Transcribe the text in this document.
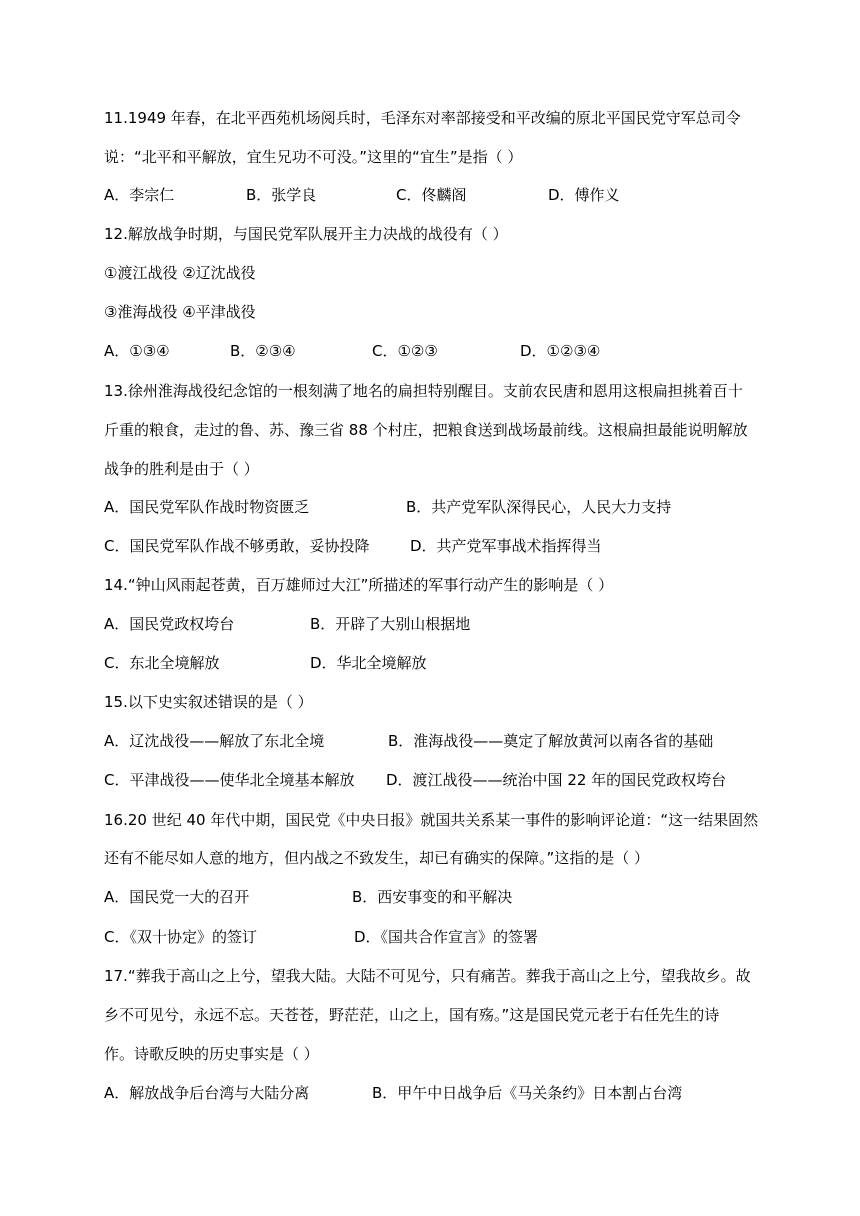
11.1949 年春，在北平西苑机场阅兵时，毛泽东对率部接受和平改编的原北平国民党守军总司令
说：“北平和平解放，宜生兄功不可没。”这里的“宜生”是指（ ）
A．李宗仁	B．张学良	C．佟麟阁	D．傅作义
12.解放战争时期，与国民党军队展开主力决战的战役有（ ）
①渡江战役 ②辽沈战役
③淮海战役 ④平津战役
A．①③④	B．②③④	C．①②③	D．①②③④
13.徐州淮海战役纪念馆的一根刻满了地名的扁担特别醒目。支前农民唐和恩用这根扁担挑着百十
斤重的粮食，走过的鲁、苏、豫三省 88 个村庄，把粮食送到战场最前线。这根扁担最能说明解放
战争的胜利是由于（ ）
A．国民党军队作战时物资匮乏	B．共产党军队深得民心，人民大力支持
C．国民党军队作战不够勇敢，妥协投降	D．共产党军事战术指挥得当
14.“钟山风雨起苍黄，百万雄师过大江”所描述的军事行动产生的影响是（ ）
A．国民党政权垮台	B．开辟了大别山根据地
C．东北全境解放	D．华北全境解放
15.以下史实叙述错误的是（ ）
A．辽沈战役——解放了东北全境	B．淮海战役——奠定了解放黄河以南各省的基础
C．平津战役——使华北全境基本解放 D．渡江战役——统治中国 22 年的国民党政权垮台
16.20 世纪 40 年代中期，国民党《中央日报》就国共关系某一事件的影响评论道：“这一结果固然
还有不能尽如人意的地方，但内战之不致发生，却已有确实的保障。”这指的是（ ）
A．国民党一大的召开	B．西安事变的和平解决
C．《双十协定》的签订	D．《国共合作宣言》的签署
17.“葬我于高山之上兮，望我大陆。大陆不可见兮，只有痛苦。葬我于高山之上兮，望我故乡。故
乡不可见兮，永远不忘。天苍苍，野茫茫，山之上，国有殇。”这是国民党元老于右任先生的诗
作。诗歌反映的历史事实是（ ）
A．解放战争后台湾与大陆分离	B．甲午中日战争后《马关条约》日本割占台湾
